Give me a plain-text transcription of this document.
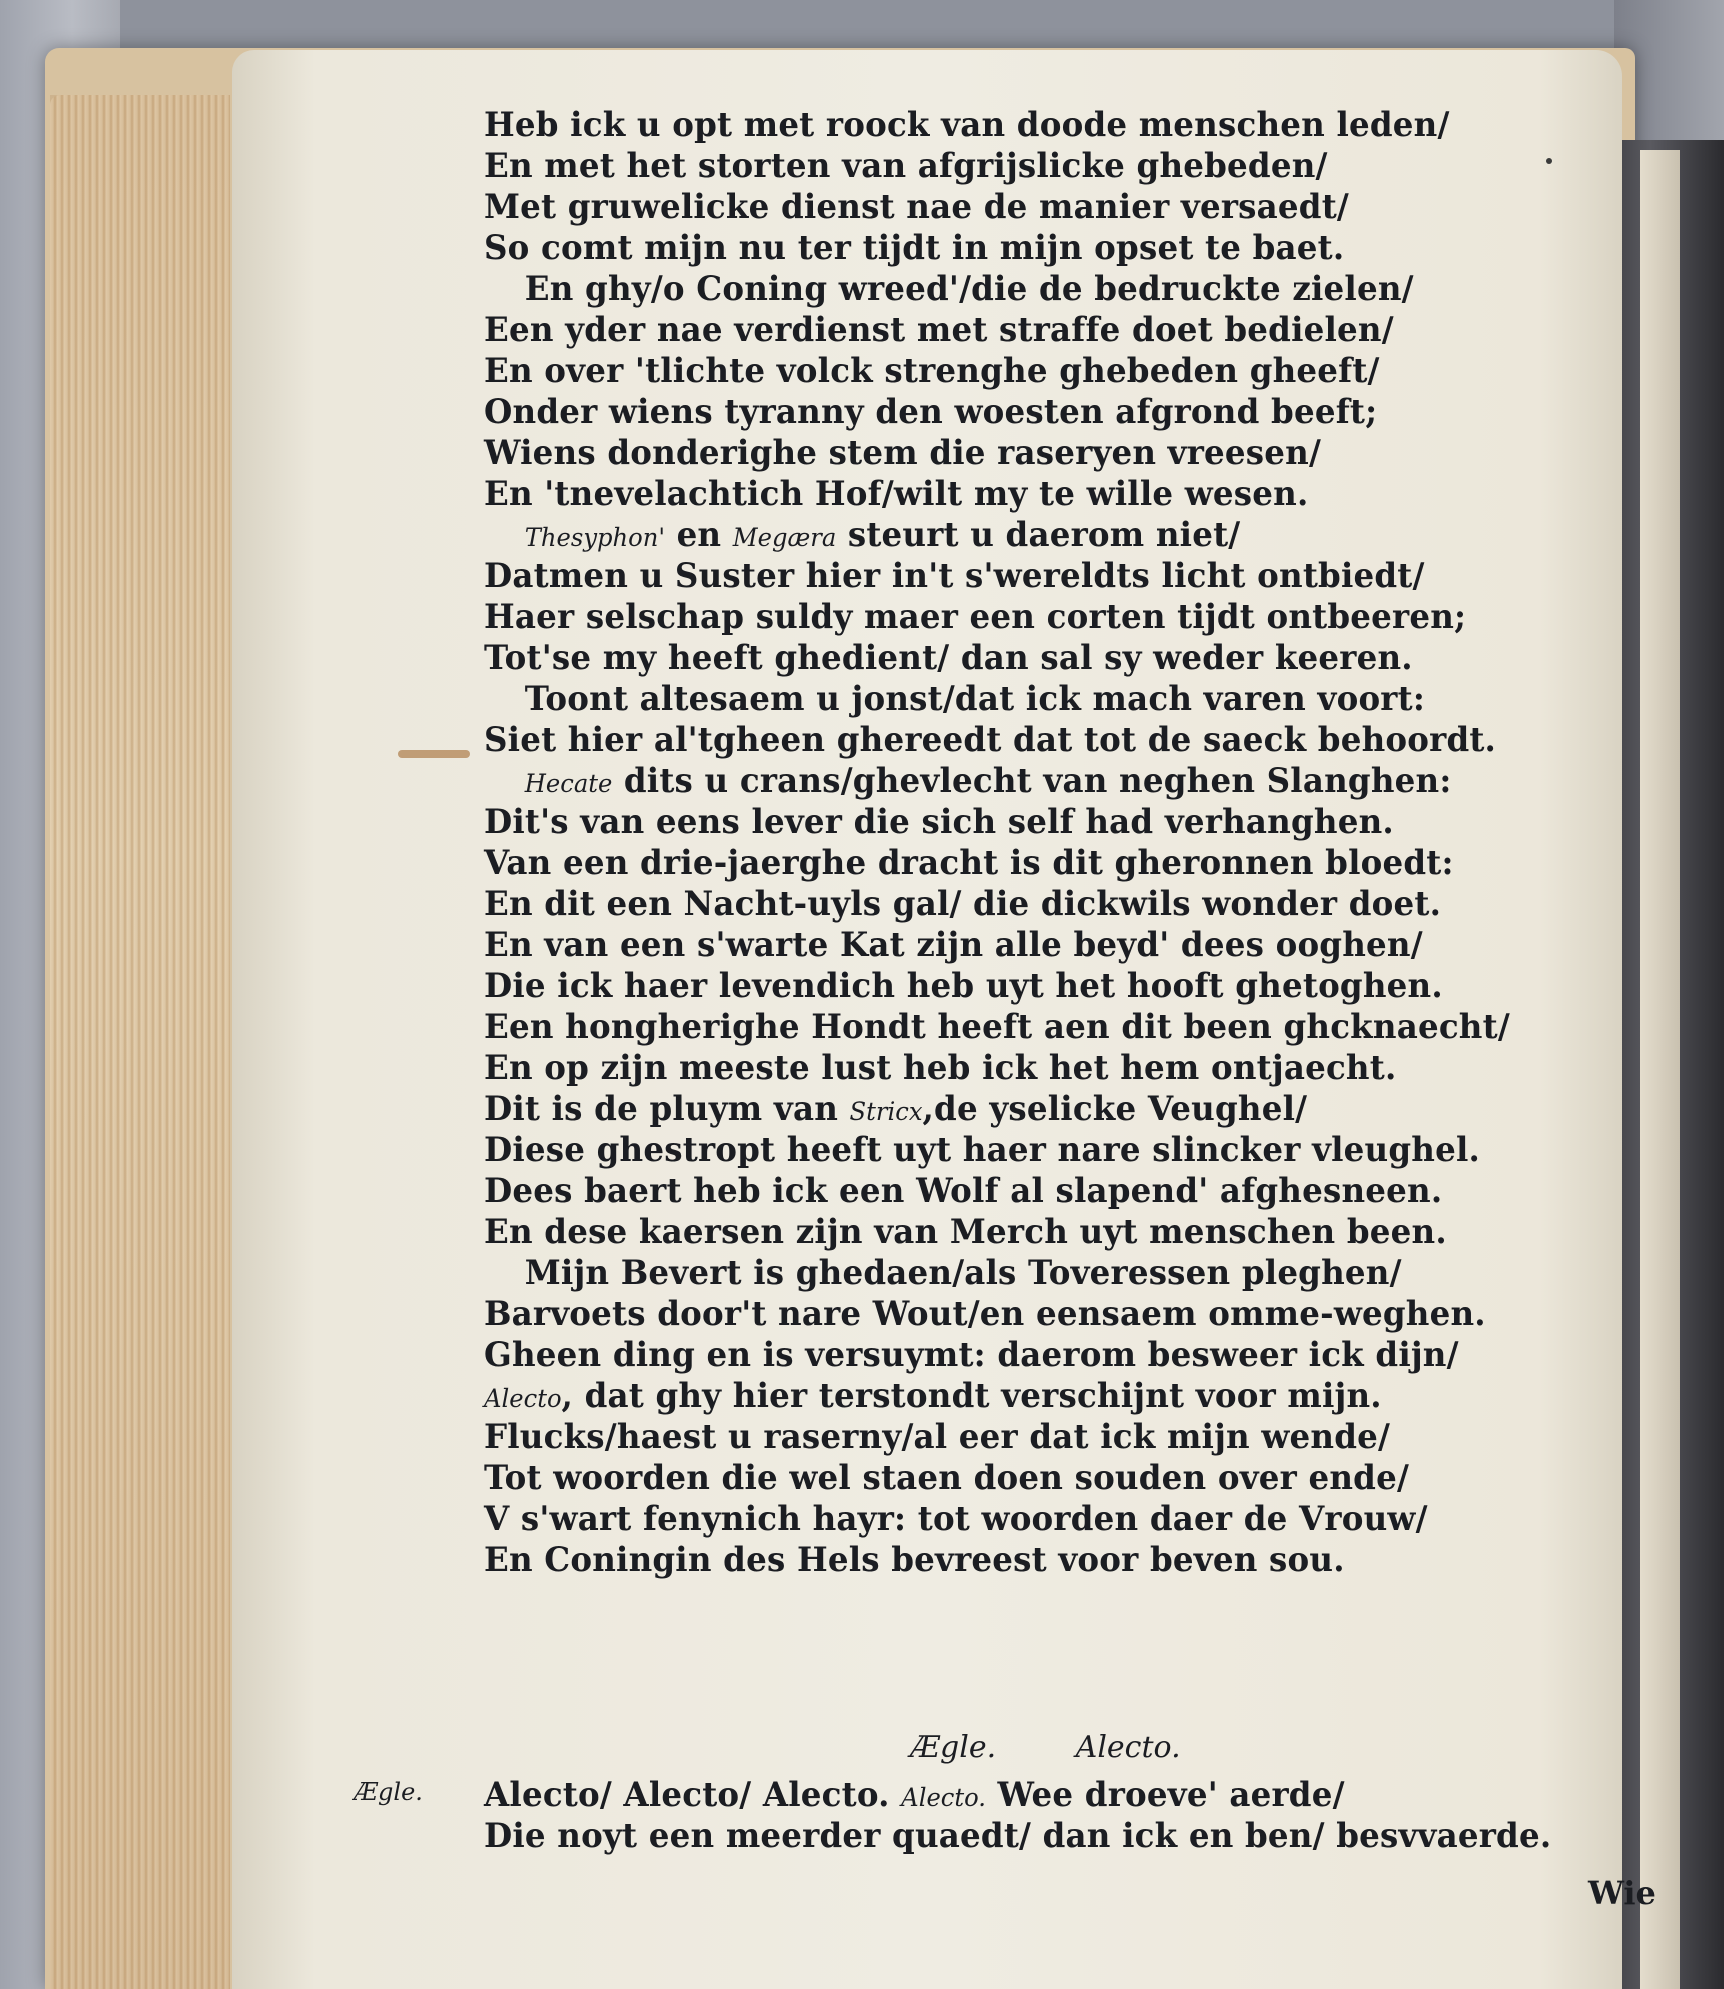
Heb ick u opt met roock van doode menschen leden/
En met het storten van afgrijslicke ghebeden/
Met gruwelicke dienst nae de manier versaedt/
So comt mijn nu ter tijdt in mijn opset te baet.
En ghy/o Coning wreed'/die de bedruckte zielen/
Een yder nae verdienst met straffe doet bedielen/
En over 'tlichte volck strenghe ghebeden gheeft/
Onder wiens tyranny den woesten afgrond beeft;
Wiens donderighe stem die raseryen vreesen/
En 'tnevelachtich Hof/wilt my te wille wesen.
Thesyphon' en Megæra steurt u daerom niet/
Datmen u Suster hier in't s'wereldts licht ontbiedt/
Haer selschap suldy maer een corten tijdt ontbeeren;
Tot'se my heeft ghedient/ dan sal sy weder keeren.
Toont altesaem u jonst/dat ick mach varen voort:
Siet hier al'tgheen ghereedt dat tot de saeck behoordt.
Hecate dits u crans/ghevlecht van neghen Slanghen:
Dit's van eens lever die sich self had verhanghen.
Van een drie-jaerghe dracht is dit gheronnen bloedt:
En dit een Nacht-uyls gal/ die dickwils wonder doet.
En van een s'warte Kat zijn alle beyd' dees ooghen/
Die ick haer levendich heb uyt het hooft ghetoghen.
Een hongherighe Hondt heeft aen dit been ghcknaecht/
En op zijn meeste lust heb ick het hem ontjaecht.
Dit is de pluym van Stricx,de yselicke Veughel/
Diese ghestropt heeft uyt haer nare slincker vleughel.
Dees baert heb ick een Wolf al slapend' afghesneen.
En dese kaersen zijn van Merch uyt menschen been.
Mijn Bevert is ghedaen/als Toveressen pleghen/
Barvoets door't nare Wout/en eensaem omme-weghen.
Gheen ding en is versuymt: daerom besweer ick dijn/
Alecto, dat ghy hier terstondt verschijnt voor mijn.
Flucks/haest u raserny/al eer dat ick mijn wende/
Tot woorden die wel staen doen souden over ende/
V s'wart fenynich hayr: tot woorden daer de Vrouw/
En Coningin des Hels bevreest voor beven sou.
Ægle.	Alecto.
Ægle. Alecto/ Alecto/ Alecto. Alecto. Wee droeve' aerde/
Die noyt een meerder quaedt/ dan ick en ben/ besvvaerde.
Wie
